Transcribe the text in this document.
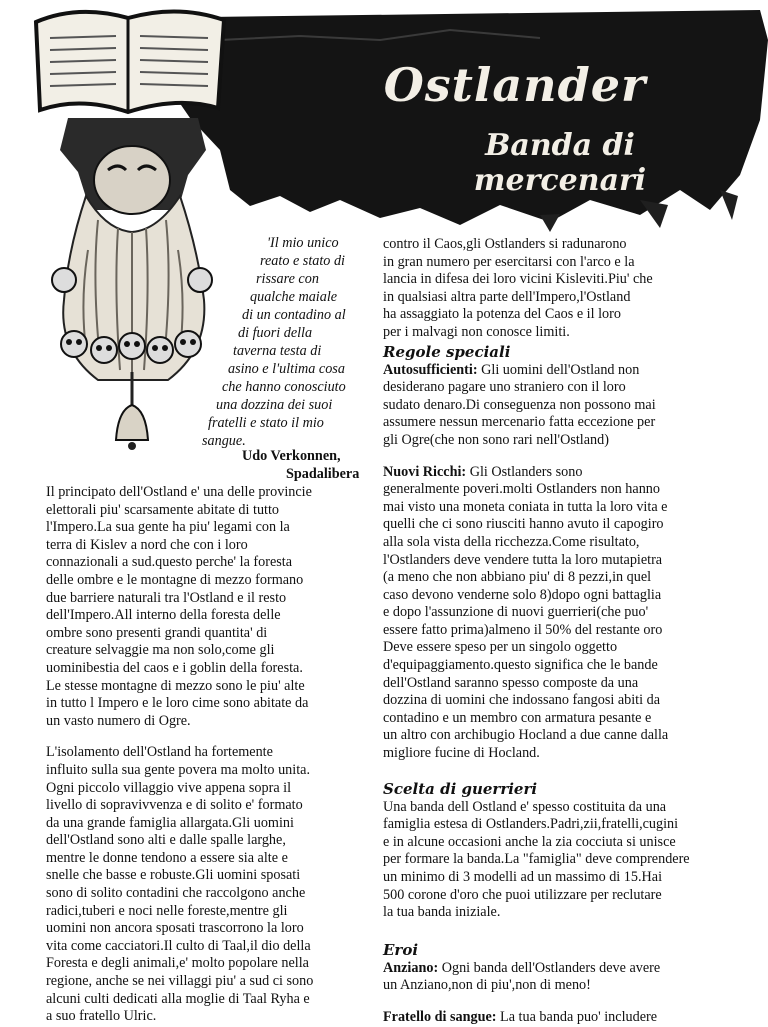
Ostlander
Banda di mercenari
'Il mio unico
reato e stato di
rissare con
qualche maiale
di un contadino al
di fuori della
taverna testa di
asino e l'ultima cosa
che hanno conosciuto
una dozzina dei suoi
fratelli e stato il mio
sangue.
Udo Verkonnen,
Spadalibera

Il principato dell'Ostland e' una delle provincie
elettorali piu' scarsamente abitate di tutto
l'Impero.La sua gente ha piu' legami con la
terra di Kislev a nord che con i loro
connazionali a sud.questo perche' la foresta
delle ombre e le montagne di mezzo formano
due barriere naturali tra l'Ostland e il resto
dell'Impero.All interno della foresta delle
ombre sono presenti grandi quantita' di
creature selvaggie ma non solo,come gli
uominibestia del caos e i goblin della foresta.
Le stesse montagne di mezzo sono le piu' alte
in tutto l Impero e le loro cime sono abitate da
un vasto numero di Ogre.

L'isolamento dell'Ostland ha fortemente
influito sulla sua gente povera ma molto unita.
Ogni piccolo villaggio vive appena sopra il
livello di sopravivvenza e di solito e' formato
da una grande famiglia allargata.Gli uomini
dell'Ostland sono alti e dalle spalle larghe,
mentre le donne tendono a essere sia alte e
snelle che basse e robuste.Gli uomini sposati
sono di solito contadini che raccolgono anche
radici,tuberi e noci nelle foreste,mentre gli
uomini non ancora sposati trascorrono la loro
vita come cacciatori.Il culto di Taal,il dio della
Foresta e degli animali,e' molto popolare nella
regione, anche se nei villaggi piu' a sud ci sono
alcuni culti dedicati alla moglie di Taal Ryha e
a suo fratello Ulric.

contro il Caos,gli Ostlanders si radunarono
in gran numero per esercitarsi con l'arco e la
lancia in difesa dei loro vicini Kisleviti.Piu' che
in qualsiasi altra parte dell'Impero,l'Ostland
ha assaggiato la potenza del Caos e il loro
per i malvagi non conosce limiti.

Regole speciali

Autosufficienti: Gli uomini dell'Ostland non
desiderano pagare uno straniero con il loro
sudato denaro.Di conseguenza non possono mai
assumere nessun mercenario fatta eccezione per
gli Ogre(che non sono rari nell'Ostland)

Nuovi Ricchi: Gli Ostlanders sono
generalmente poveri.molti Ostlanders non hanno
mai visto una moneta coniata in tutta la loro vita e
quelli che ci sono riusciti hanno avuto il capogiro
alla sola vista della ricchezza.Come risultato,
l'Ostlanders deve vendere tutta la loro mutapietra
(a meno che non abbiano piu' di 8 pezzi,in quel
caso devono venderne solo 8)dopo ogni battaglia
e dopo l'assunzione di nuovi guerrieri(che puo'
essere fatto prima)almeno il 50% del restante oro
Deve essere speso per un singolo oggetto
d'equipaggiamento.questo significa che le bande
dell'Ostland saranno spesso composte da una
dozzina di uomini che indossano fangosi abiti da
contadino e un membro con armatura pesante e
un altro con archibugio Hocland a due canne dalla
migliore fucine di Hocland.

Scelta di guerrieri

Una banda dell Ostland e' spesso costituita da una
famiglia estesa di Ostlanders.Padri,zii,fratelli,cugini
e in alcune occasioni anche la zia cocciuta si unisce
per formare la banda.La "famiglia" deve comprendere
un minimo di 3 modelli ad un massimo di 15.Hai
500 corone d'oro che puoi utilizzare per reclutare
la tua banda iniziale.

Eroi

Anziano: Ogni banda dell'Ostlanders deve avere
un Anziano,non di piu',non di meno!

Fratello di sangue: La tua banda puo' includere
